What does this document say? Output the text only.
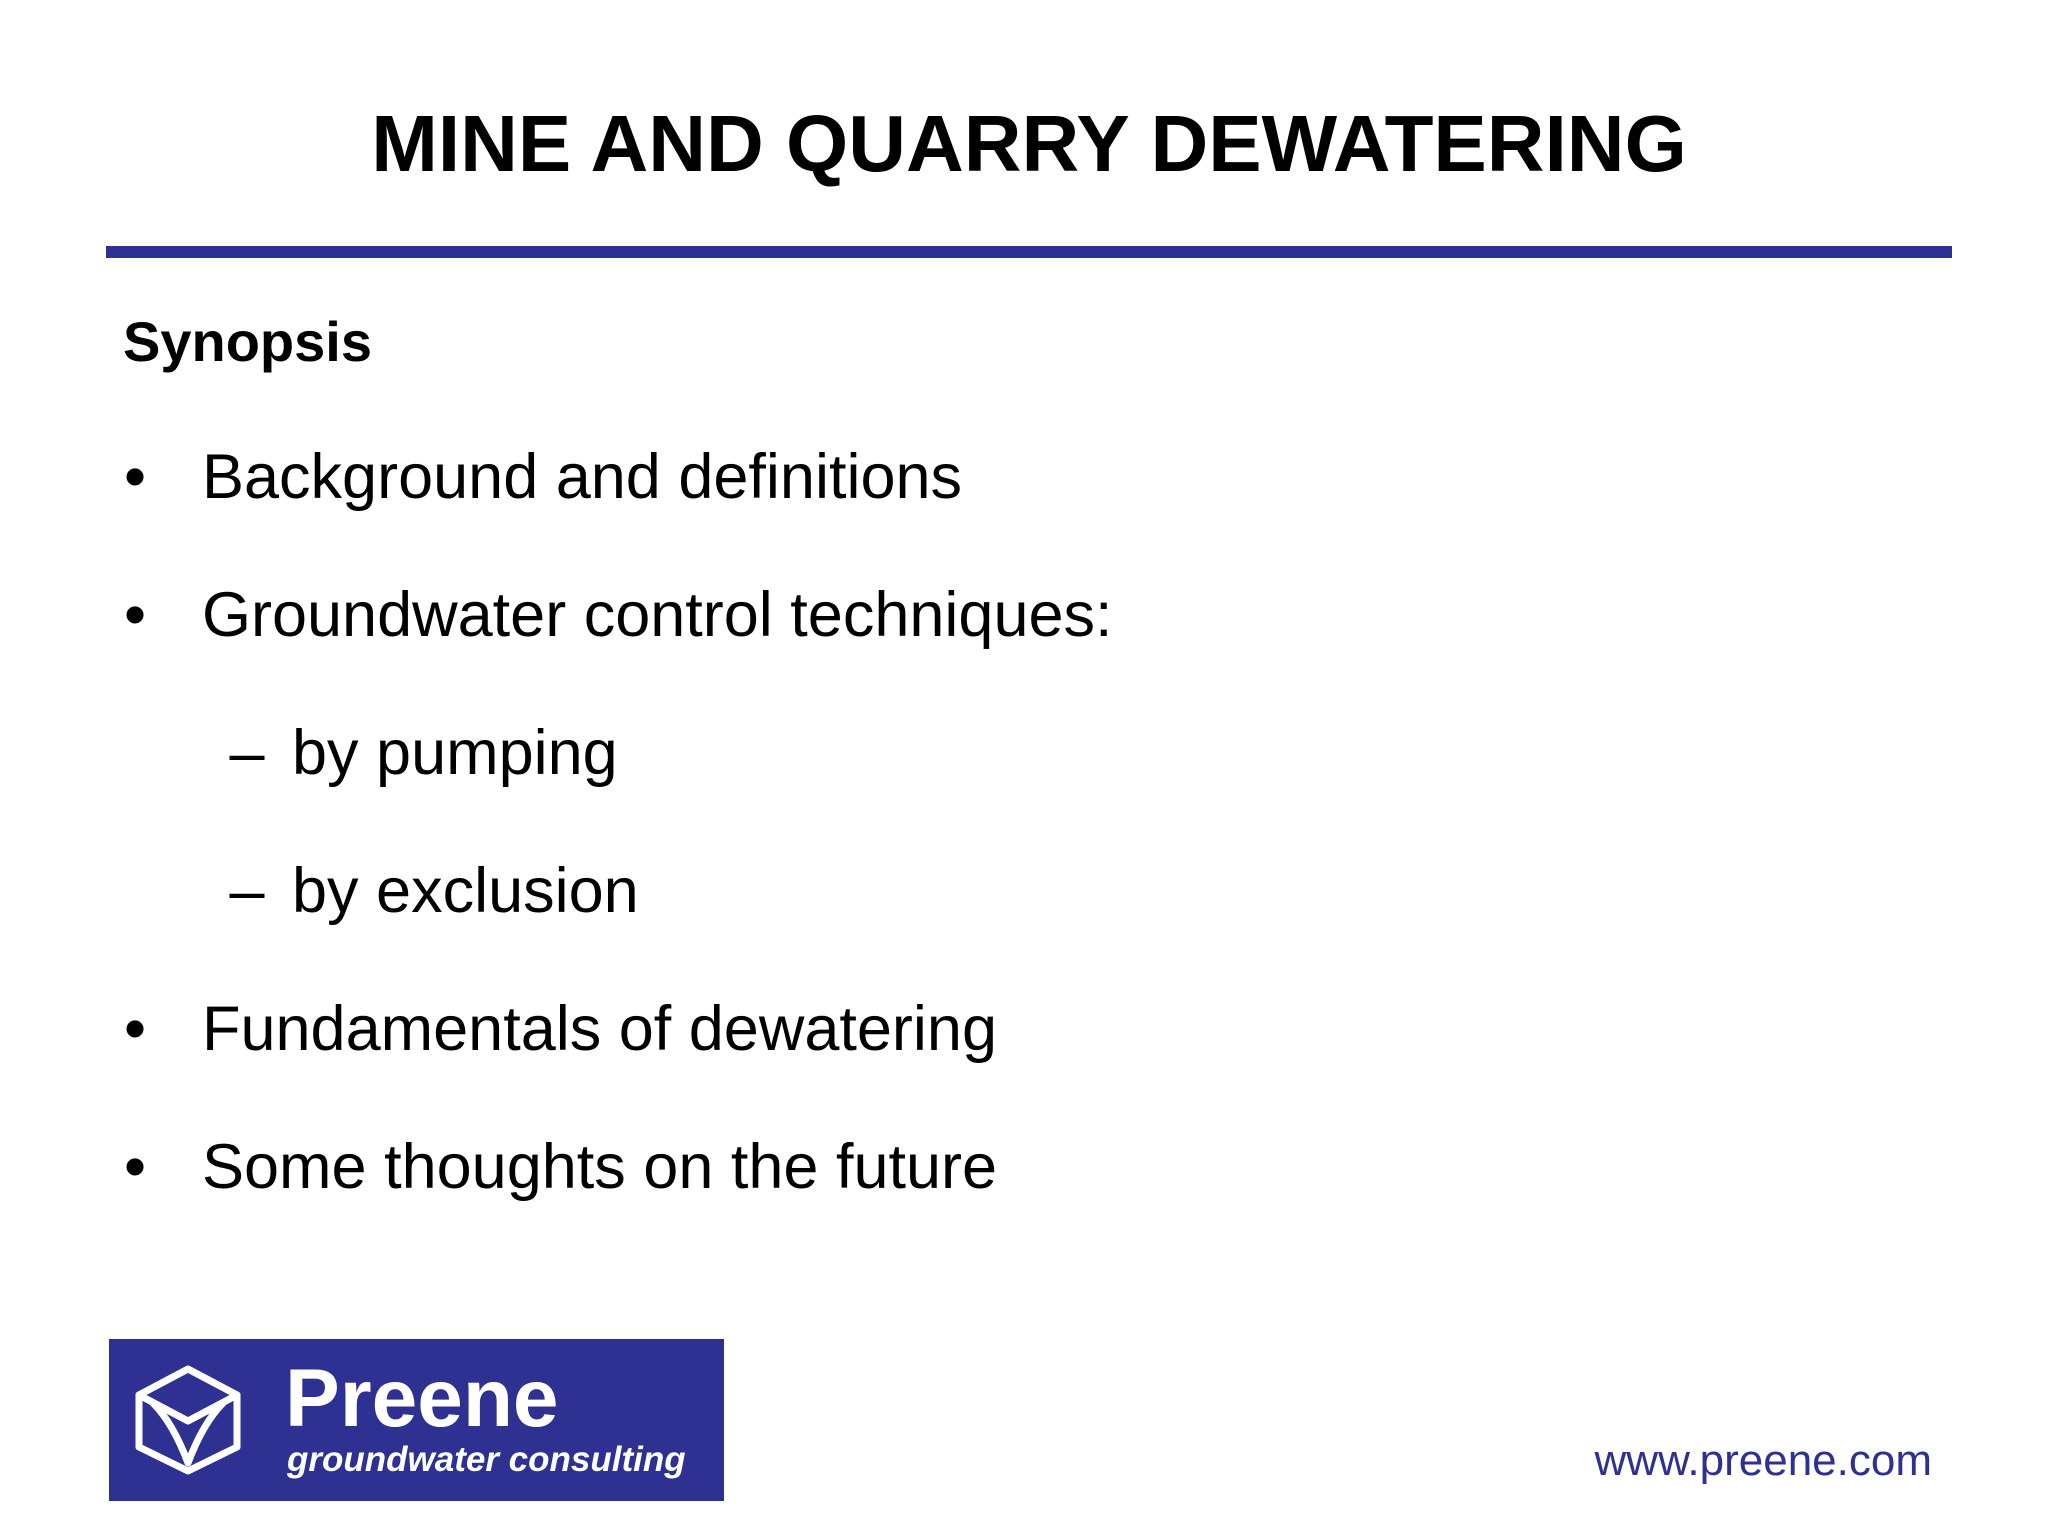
MINE AND QUARRY DEWATERING
Synopsis
• Background and definitions
• Groundwater control techniques:
– by pumping
– by exclusion
• Fundamentals of dewatering
• Some thoughts on the future
Preene
groundwater consulting	www.preene.com
